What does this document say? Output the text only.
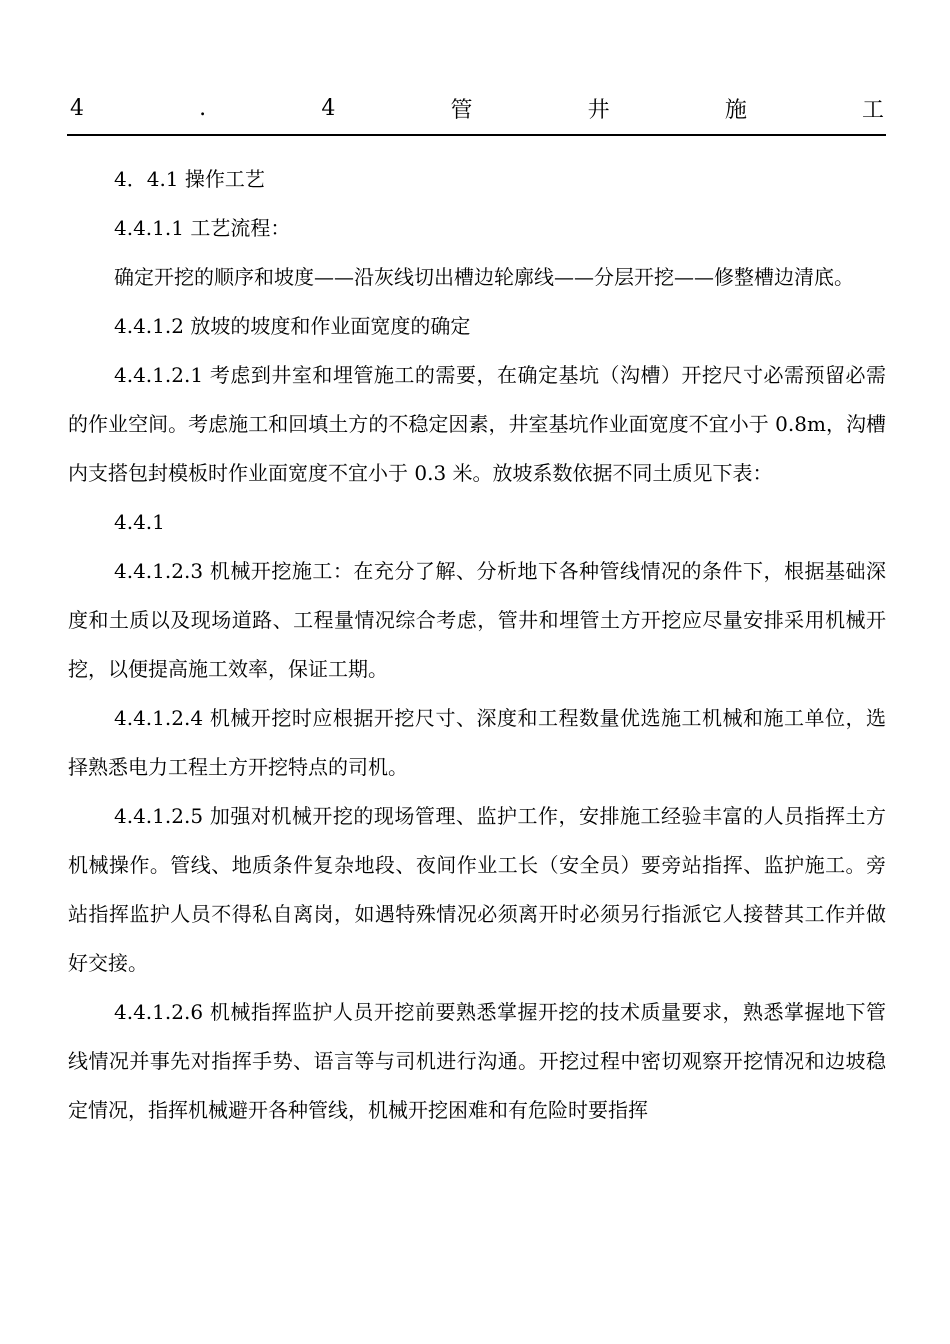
4	.	4	管	井	施	工

4．4.1 操作工艺

4.4.1.1 工艺流程：

确定开挖的顺序和坡度——沿灰线切出槽边轮廓线——分层开挖——修整槽边清底。

4.4.1.2 放坡的坡度和作业面宽度的确定

4.4.1.2.1 考虑到井室和埋管施工的需要，在确定基坑（沟槽）开挖尺寸必需预留必需的作业空间。考虑施工和回填土方的不稳定因素，井室基坑作业面宽度不宜小于 0.8m，沟槽内支搭包封模板时作业面宽度不宜小于 0.3 米。放坡系数依据不同土质见下表：

4.4.1

4.4.1.2.3 机械开挖施工：在充分了解、分析地下各种管线情况的条件下，根据基础深度和土质以及现场道路、工程量情况综合考虑，管井和埋管土方开挖应尽量安排采用机械开挖，以便提高施工效率，保证工期。

4.4.1.2.4 机械开挖时应根据开挖尺寸、深度和工程数量优选施工机械和施工单位，选择熟悉电力工程土方开挖特点的司机。

4.4.1.2.5 加强对机械开挖的现场管理、监护工作，安排施工经验丰富的人员指挥土方机械操作。管线、地质条件复杂地段、夜间作业工长（安全员）要旁站指挥、监护施工。旁站指挥监护人员不得私自离岗，如遇特殊情况必须离开时必须另行指派它人接替其工作并做好交接。

4.4.1.2.6 机械指挥监护人员开挖前要熟悉掌握开挖的技术质量要求，熟悉掌握地下管线情况并事先对指挥手势、语言等与司机进行沟通。开挖过程中密切观察开挖情况和边坡稳定情况，指挥机械避开各种管线，机械开挖困难和有危险时要指挥
